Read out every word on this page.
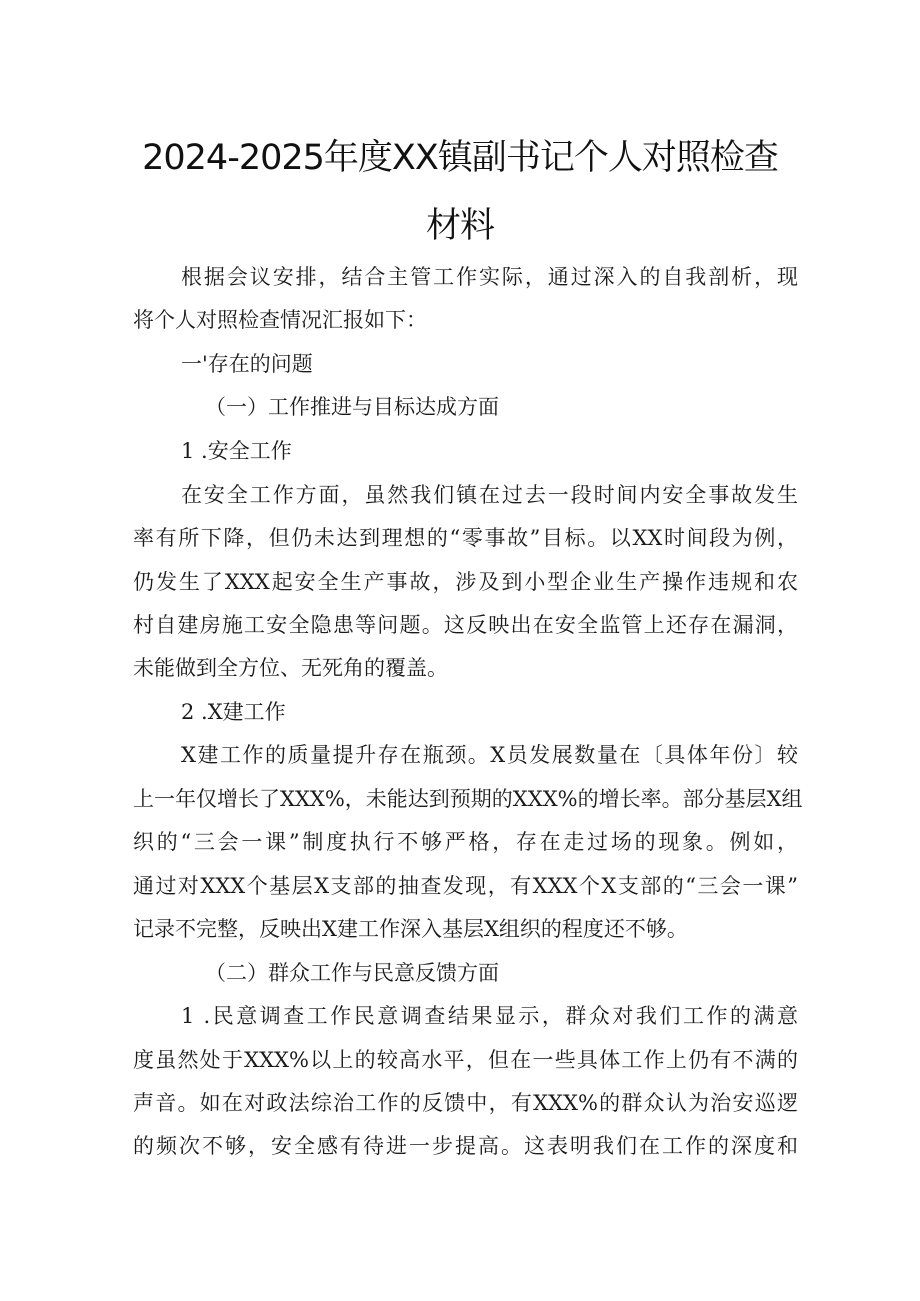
2024-2025年度XX镇副书记个人对照检查
材料
根据会议安排，结合主管工作实际，通过深入的自我剖析，现
将个人对照检查情况汇报如下：
一'存在的问题
（一）工作推进与目标达成方面
1 .安全工作
在安全工作方面，虽然我们镇在过去一段时间内安全事故发生
率有所下降，但仍未达到理想的“零事故”目标。以XX时间段为例，
仍发生了XXX起安全生产事故，涉及到小型企业生产操作违规和农
村自建房施工安全隐患等问题。这反映出在安全监管上还存在漏洞，
未能做到全方位、无死角的覆盖。
2 .X建工作
X建工作的质量提升存在瓶颈。X员发展数量在〔具体年份〕较
上一年仅增长了XXX%，未能达到预期的XXX%的增长率。部分基层X组
织的“三会一课”制度执行不够严格，存在走过场的现象。例如，
通过对XXX个基层X支部的抽查发现，有XXX个X支部的“三会一课”
记录不完整，反映出X建工作深入基层X组织的程度还不够。
（二）群众工作与民意反馈方面
1 .民意调查工作民意调查结果显示，群众对我们工作的满意
度虽然处于XXX%以上的较高水平，但在一些具体工作上仍有不满的
声音。如在对政法综治工作的反馈中，有XXX%的群众认为治安巡逻
的频次不够，安全感有待进一步提高。这表明我们在工作的深度和
